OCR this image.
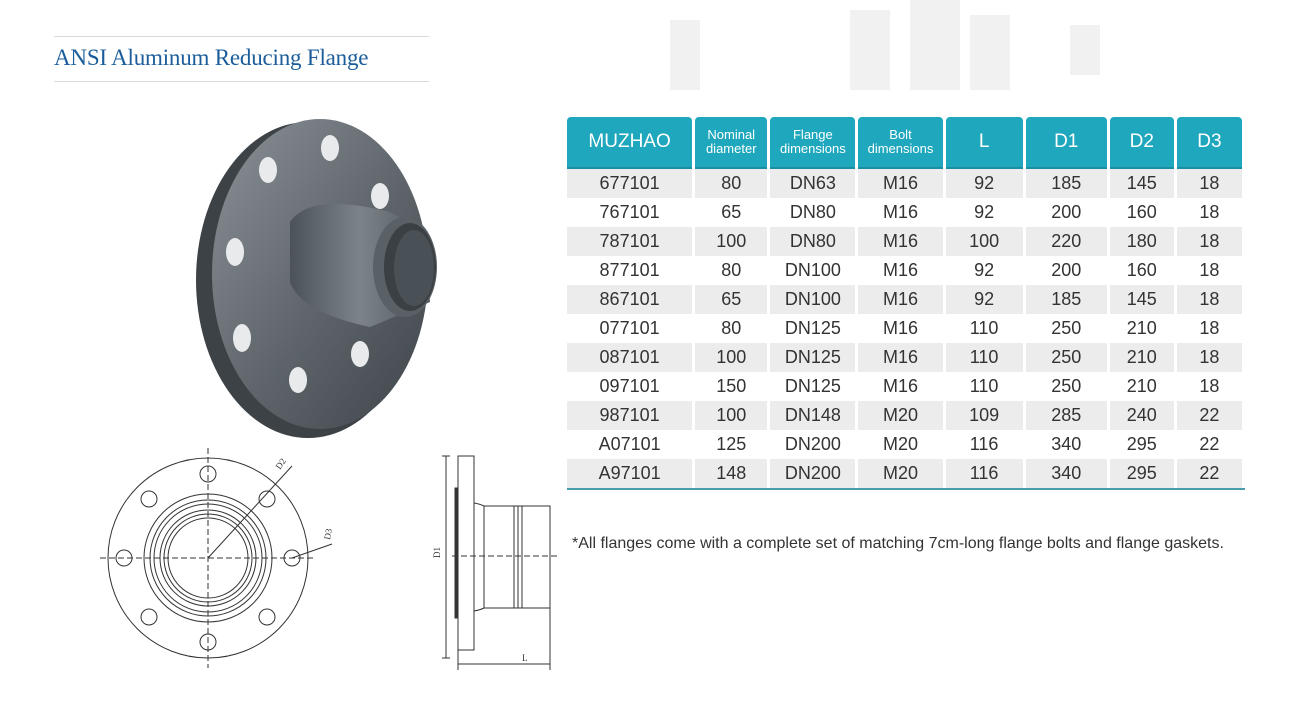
ANSI Aluminum Reducing Flange
D2
D3
D1
L
MUZHAO	Nominal diameter	Flange dimensions	Bolt dimensions	L	D1	D2	D3
677101	80	DN63	M16	92	185	145	18
767101	65	DN80	M16	92	200	160	18
787101	100	DN80	M16	100	220	180	18
877101	80	DN100	M16	92	200	160	18
867101	65	DN100	M16	92	185	145	18
077101	80	DN125	M16	110	250	210	18
087101	100	DN125	M16	110	250	210	18
097101	150	DN125	M16	110	250	210	18
987101	100	DN148	M20	109	285	240	22
A07101	125	DN200	M20	116	340	295	22
A97101	148	DN200	M20	116	340	295	22
*All flanges come with a complete set of matching 7cm-long flange bolts and flange gaskets.
